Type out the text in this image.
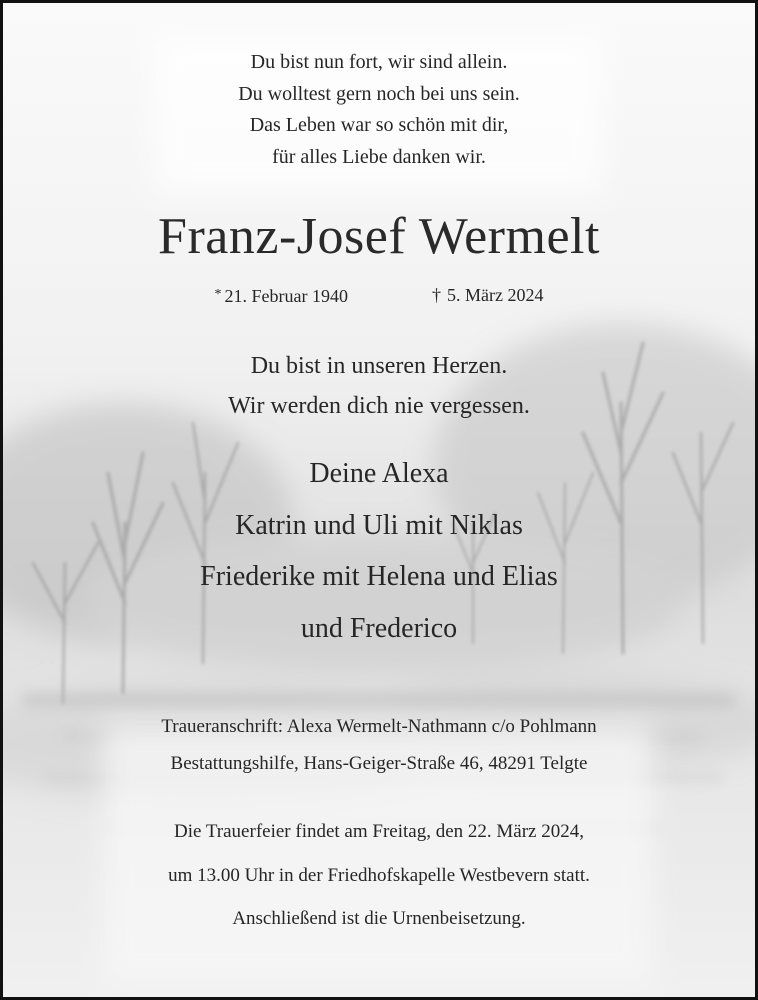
Du bist nun fort, wir sind allein.
Du wolltest gern noch bei uns sein.
Das Leben war so schön mit dir,
für alles Liebe danken wir.
Franz-Josef Wermelt
* 21. Februar 1940	† 5. März 2024
Du bist in unseren Herzen.
Wir werden dich nie vergessen.
Deine Alexa
Katrin und Uli mit Niklas
Friederike mit Helena und Elias
und Frederico
Traueranschrift: Alexa Wermelt-Nathmann c/o Pohlmann
Bestattungshilfe, Hans-Geiger-Straße 46, 48291 Telgte
Die Trauerfeier findet am Freitag, den 22. März 2024,
um 13.00 Uhr in der Friedhofskapelle Westbevern statt.
Anschließend ist die Urnenbeisetzung.
